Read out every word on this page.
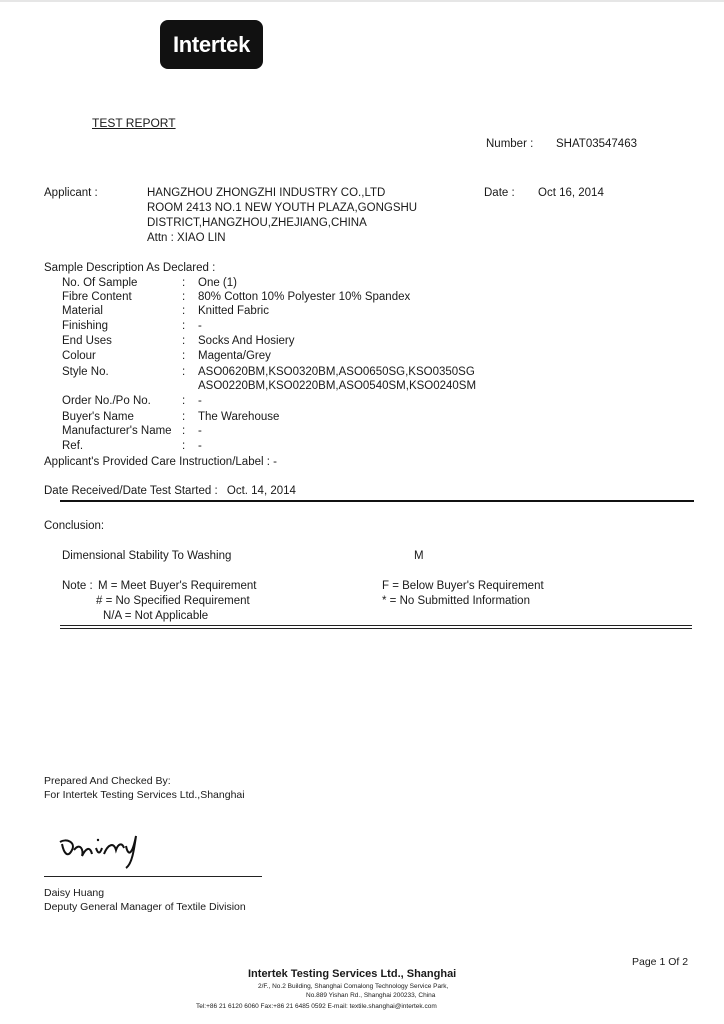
Intertek
TEST REPORT
Number : SHAT03547463
Applicant :	HANGZHOU ZHONGZHI INDUSTRY CO.,LTD
ROOM 2413 NO.1 NEW YOUTH PLAZA,GONGSHU
DISTRICT,HANGZHOU,ZHEJIANG,CHINA
Attn : XIAO LIN
Date : Oct 16, 2014
Sample Description As Declared :
No. Of Sample	: One (1)
Fibre Content	: 80% Cotton 10% Polyester 10% Spandex
Material	: Knitted Fabric
Finishing	: -
End Uses	: Socks And Hosiery
Colour	: Magenta/Grey
Style No.	: ASO0620BM,KSO0320BM,ASO0650SG,KSO0350SG
ASO0220BM,KSO0220BM,ASO0540SM,KSO0240SM
Order No./Po No.	: -
Buyer's Name	: The Warehouse
Manufacturer's Name : -
Ref.	: -
Applicant's Provided Care Instruction/Label : -
Date Received/Date Test Started : Oct. 14, 2014
Conclusion:
Dimensional Stability To Washing	M
Note : M = Meet Buyer's Requirement
# = No Specified Requirement
N/A = Not Applicable
F = Below Buyer's Requirement
* = No Submitted Information
Prepared And Checked By:
For Intertek Testing Services Ltd.,Shanghai
Daisy Huang
Deputy General Manager of Textile Division
Page 1 Of 2
Intertek Testing Services Ltd., Shanghai
2/F., No.2 Building, Shanghai Comalong Technology Service Park,
No.889 Yishan Rd., Shanghai 200233, China
Tel:+86 21 6120 6060 Fax:+86 21 6485 0592 E-mail: textile.shanghai@intertek.com
